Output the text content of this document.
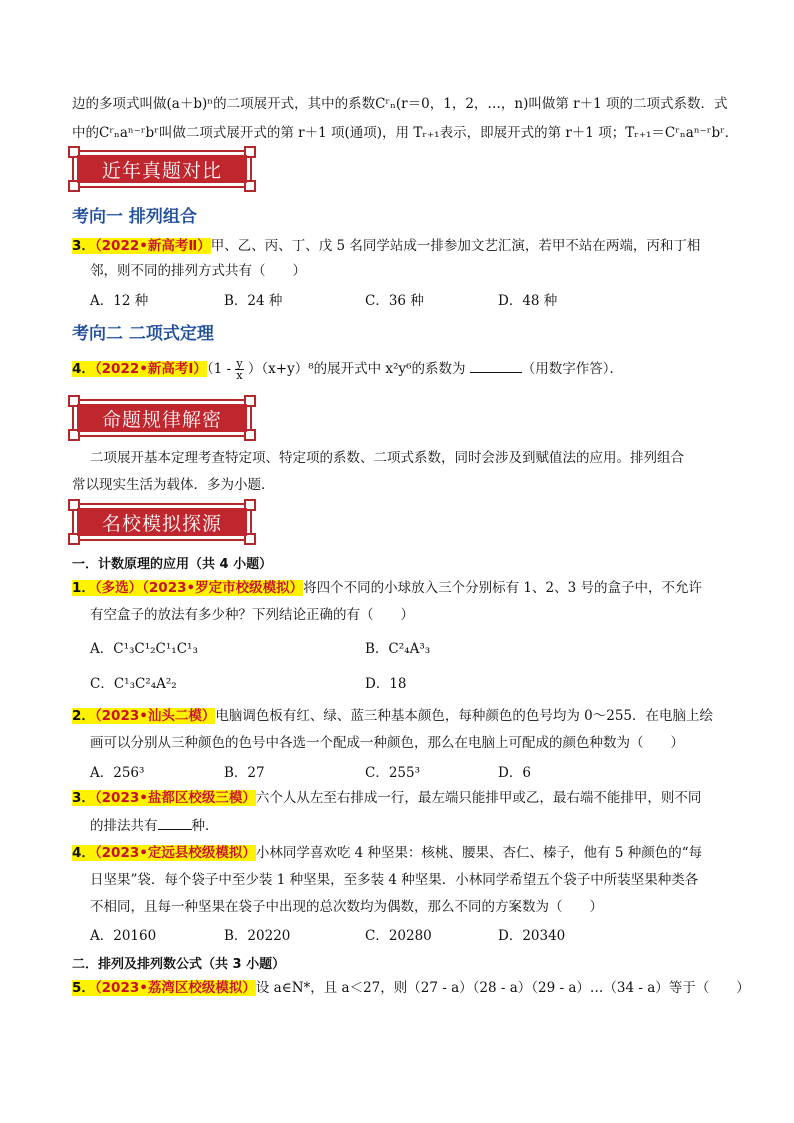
边的多项式叫做(a＋b)ⁿ的二项展开式，其中的系数Cʳₙ(r＝0，1，2，…，n)叫做第 r＋1 项的二项式系数．式
中的Cʳₙaⁿ⁻ʳbʳ叫做二项式展开式的第 r＋1 项(通项)，用 Tᵣ₊₁表示，即展开式的第 r＋1 项；Tᵣ₊₁＝Cʳₙaⁿ⁻ʳbʳ．
近年真题对比
考向一 排列组合
3．（2022•新高考Ⅱ）甲、乙、丙、丁、戊 5 名同学站成一排参加文艺汇演，若甲不站在两端，丙和丁相
邻，则不同的排列方式共有（　　）
A．12 种	B．24 种	C．36 种	D．48 种
考向二 二项式定理
4．（2022•新高考Ⅰ）（1 - $\frac{y}{x} )(x+y)^8$的展开式中 x²y⁶的系数为	（用数字作答）．
命题规律解密
二项展开基本定理考查特定项、特定项的系数、二项式系数，同时会涉及到赋值法的应用。排列组合
常以现实生活为载体．多为小题．
名校模拟探源
一．计数原理的应用（共 4 小题）
1．（多选）（2023•罗定市校级模拟）将四个不同的小球放入三个分别标有 1、2、3 号的盒子中，不允许
有空盒子的放法有多少种？下列结论正确的有（　　）
A．C¹₃C¹₂C¹₁C¹₃	B．C²₄A³₃
C．C¹₃C²₄A²₂	D．18
2．（2023•汕头二模）电脑调色板有红、绿、蓝三种基本颜色，每种颜色的色号均为 0～255．在电脑上绘
画可以分别从三种颜色的色号中各选一个配成一种颜色，那么在电脑上可配成的颜色种数为（　　）
A．256³	B．27	C．255³	D．6
3．（2023•盐都区校级三模）六个人从左至右排成一行，最左端只能排甲或乙，最右端不能排甲，则不同
的排法共有	种．
4．（2023•定远县校级模拟）小林同学喜欢吃 4 种坚果：核桃、腰果、杏仁、榛子，他有 5 种颜色的“每
日坚果”袋．每个袋子中至少装 1 种坚果，至多装 4 种坚果．小林同学希望五个袋子中所装坚果种类各
不相同，且每一种坚果在袋子中出现的总次数均为偶数，那么不同的方案数为（　　）
A．20160	B．20220	C．20280	D．20340
二．排列及排列数公式（共 3 小题）
5．（2023•荔湾区校级模拟）设 a∈N*，且 a＜27，则（27 - a）（28 - a）（29 - a）…（34 - a）等于（　　）
